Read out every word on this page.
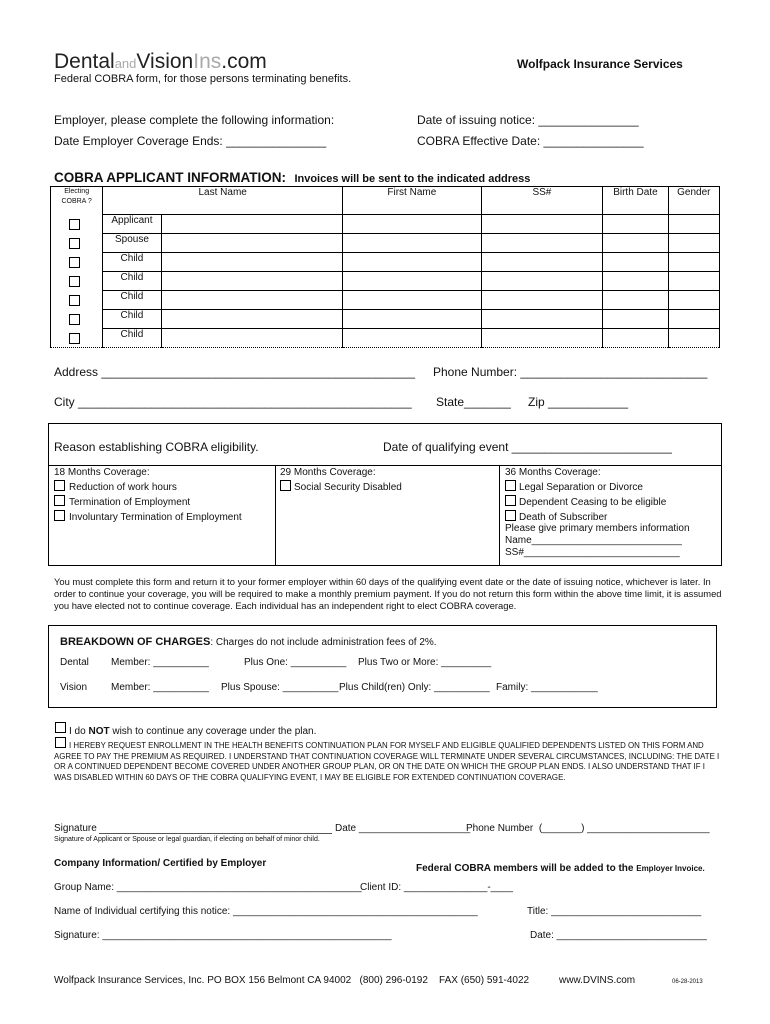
DentalandVisionIns.com	Wolfpack Insurance Services
Federal COBRA form, for those persons terminating benefits.
Employer, please complete the following information:	Date of issuing notice: _______________
Date Employer Coverage Ends: _______________	COBRA Effective Date: _______________
COBRA APPLICANT INFORMATION: Invoices will be sent to the indicated address
Electing
COBRA ?	Last Name		First Name	SS#	Birth Date	Gender

	Applicant					

	Spouse					

	Child					

	Child					

	Child					

	Child					

	Child					
Address _______________________________________________ Phone Number: ____________________________
City __________________________________________________ State_______ Zip ____________
Reason establishing COBRA eligibility.	Date of qualifying event ________________________
18 Months Coverage:
Reduction of work hours
Termination of Employment
Involuntary Termination of Employment
29 Months Coverage:
Social Security Disabled
36 Months Coverage:
Legal Separation or Divorce
Dependent Ceasing to be eligible
Death of Subscriber
Please give primary members information
Name___________________________
SS#____________________________
You must complete this form and return it to your former employer within 60 days of the qualifying event date or the date of issuing notice, whichever is later. In order to continue your coverage, you will be required to make a monthly premium payment. If you do not return this form within the above time limit, it is assumed you have elected not to continue coverage. Each individual has an independent right to elect COBRA coverage.
BREAKDOWN OF CHARGES: Charges do not include administration fees of 2%.
Dental Member: __________	Plus One: __________ Plus Two or More: _________
Vision Member: __________ Plus Spouse: __________ Plus Child(ren) Only: __________ Family: ____________
I do NOT wish to continue any coverage under the plan.
I HEREBY REQUEST ENROLLMENT IN THE HEALTH BENEFITS CONTINUATION PLAN FOR MYSELF AND ELIGIBLE QUALIFIED DEPENDENTS LISTED ON THIS FORM AND AGREE TO PAY THE PREMIUM AS REQUIRED. I UNDERSTAND THAT CONTINUATION COVERAGE WILL TERMINATE UNDER SEVERAL CIRCUMSTANCES, INCLUDING: THE DATE I OR A CONTINUED DEPENDENT BECOME COVERED UNDER ANOTHER GROUP PLAN, OR ON THE DATE ON WHICH THE GROUP PLAN ENDS. I ALSO UNDERSTAND THAT IF I WAS DISABLED WITHIN 60 DAYS OF THE COBRA QUALIFYING EVENT, I MAY BE ELIGIBLE FOR EXTENDED CONTINUATION COVERAGE.
Signature	Date ____________________
Phone Number  (_______) ______________________
Signature of Applicant or Spouse or legal guardian, if electing on behalf of minor child.
Company Information/ Certified by Employer	Federal COBRA members will be added to the Employer Invoice.
Group Name: ____________________________________________
Client ID: _______________-____
Name of Individual certifying this notice: ____________________________________________	Title: ___________________________
Signature: ____________________________________________________	Date: ___________________________
Wolfpack Insurance Services, Inc. PO BOX 156 Belmont CA 94002   (800) 296-0192    FAX (650) 591-4022	www.DVINS.com	06-28-2013
